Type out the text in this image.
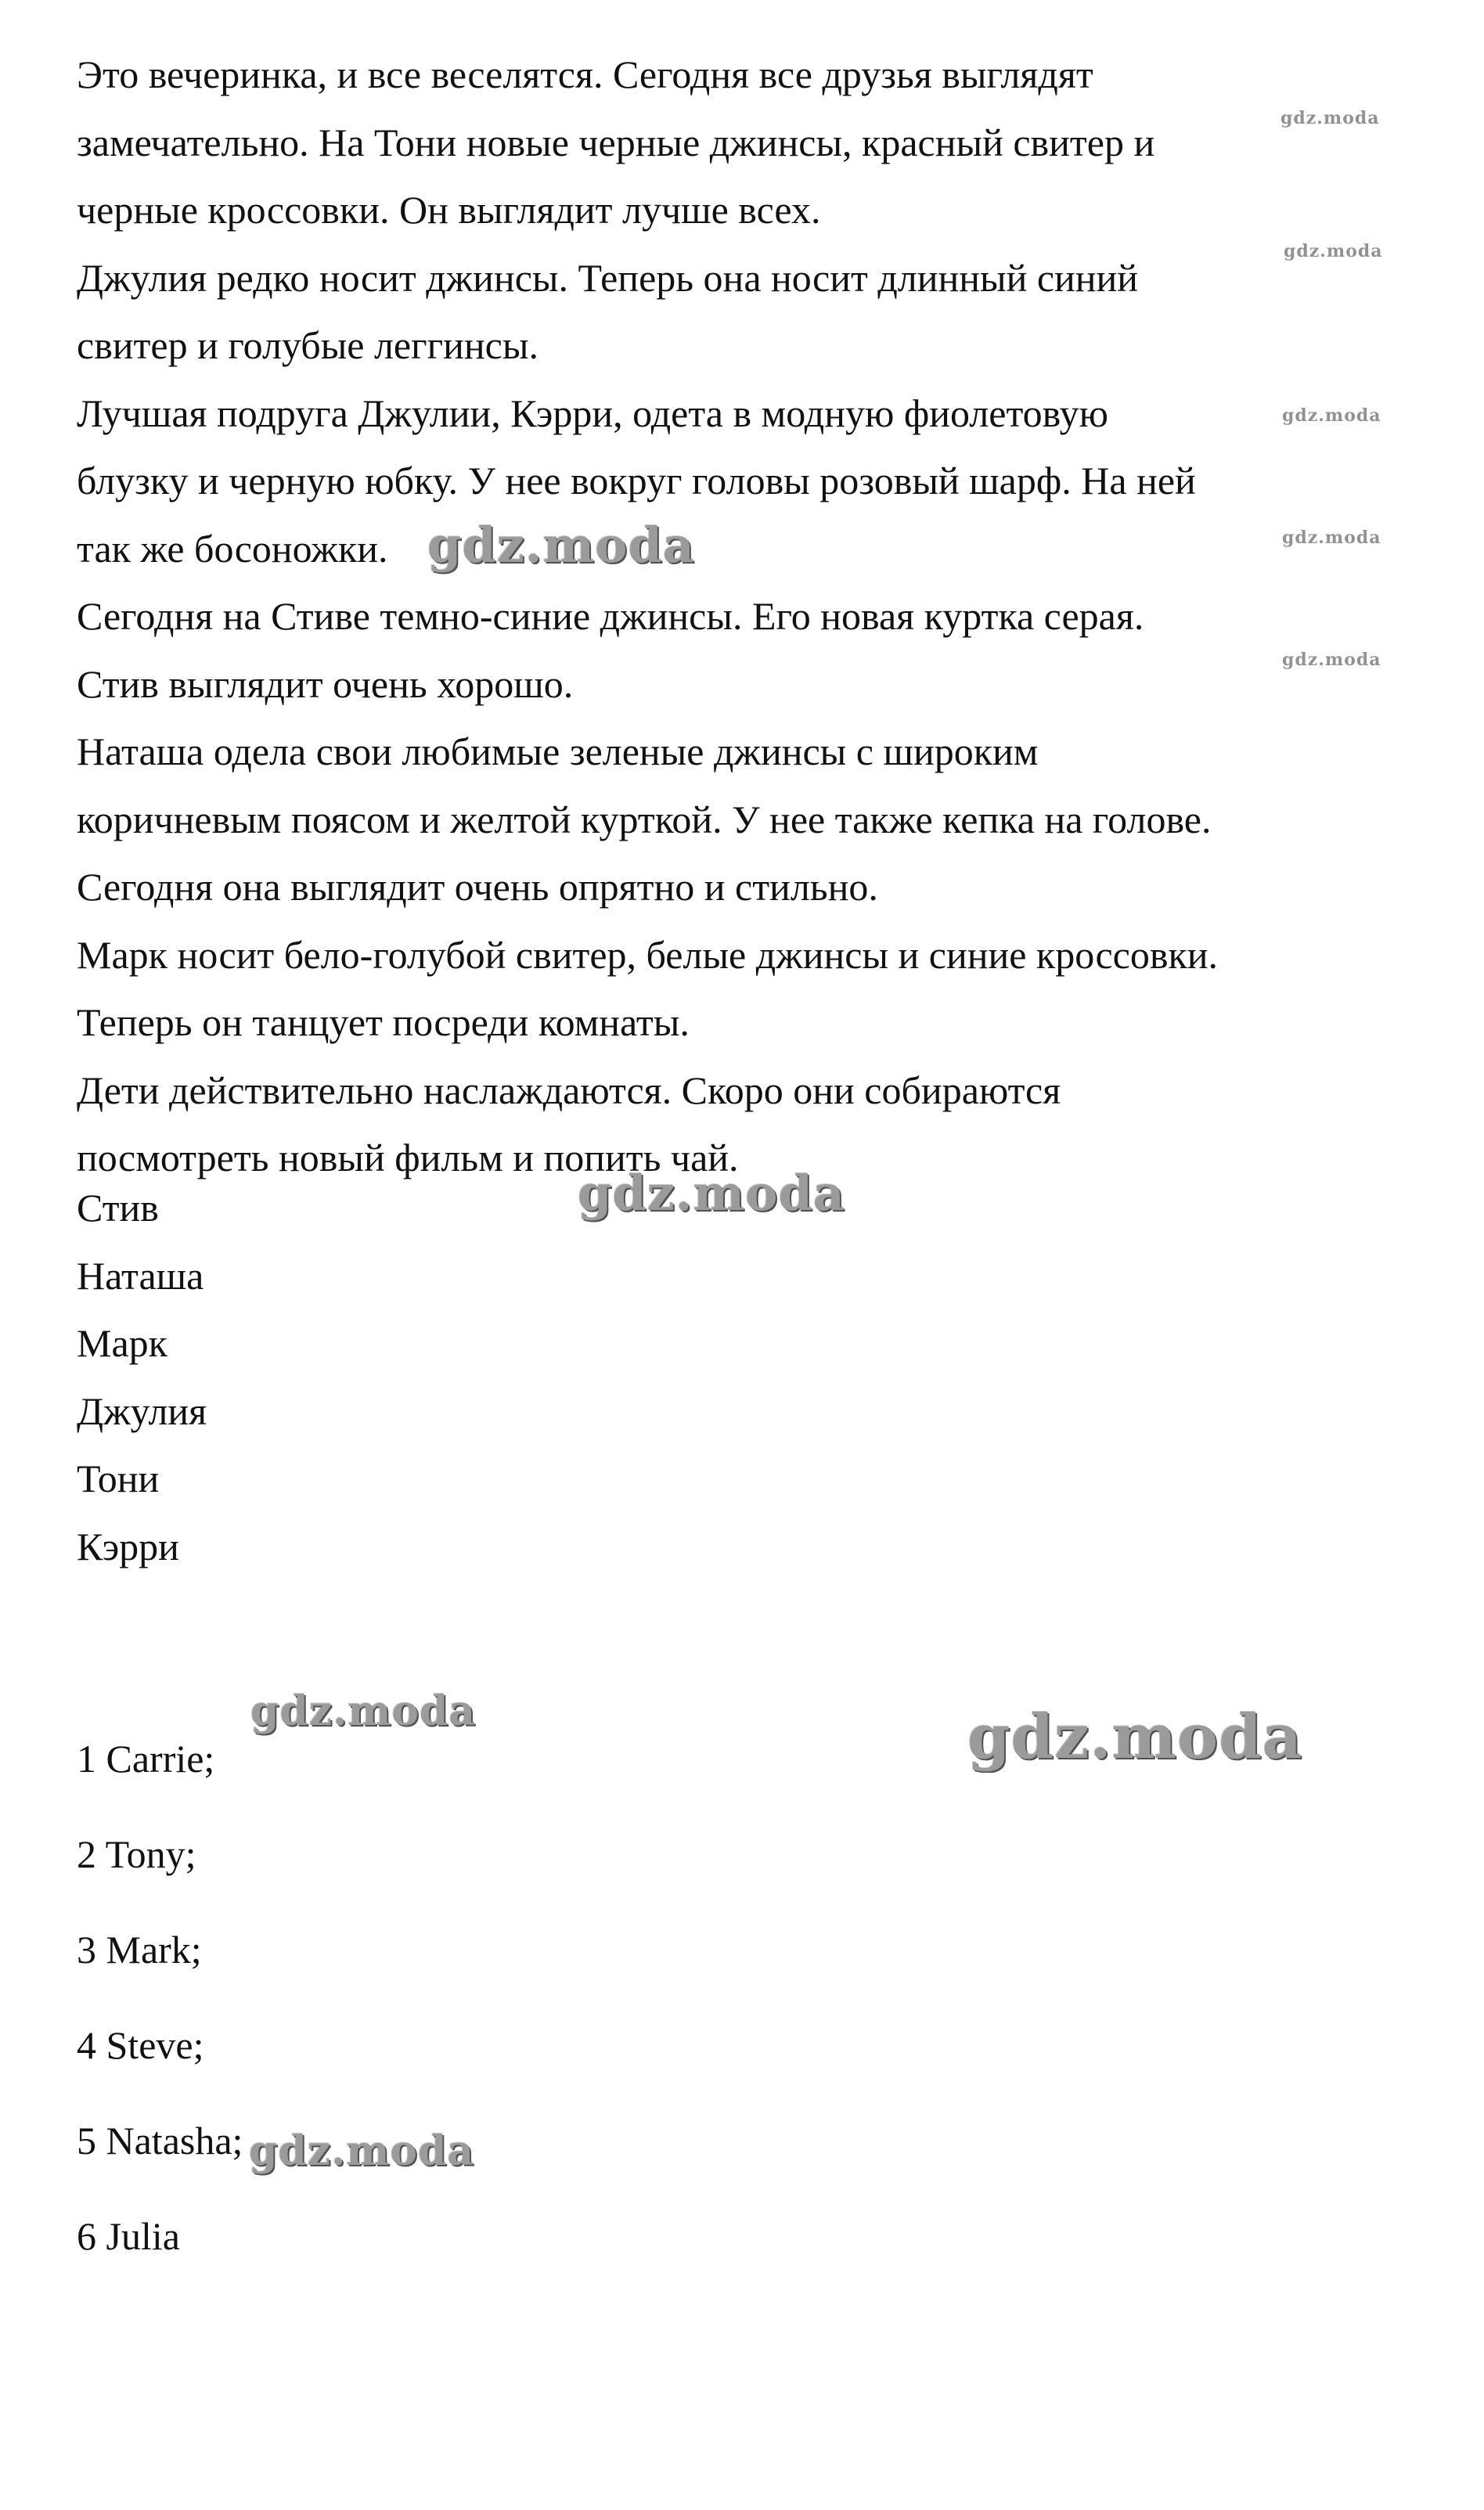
Это вечеринка, и все веселятся. Сегодня все друзья выглядят
замечательно. На Тони новые черные джинсы, красный свитер и
черные кроссовки. Он выглядит лучше всех.
Джулия редко носит джинсы. Теперь она носит длинный синий
свитер и голубые леггинсы.
Лучшая подруга Джулии, Кэрри, одета в модную фиолетовую
блузку и черную юбку. У нее вокруг головы розовый шарф. На ней
так же босоножки.
Сегодня на Стиве темно-синие джинсы. Его новая куртка серая.
Стив выглядит очень хорошо.
Наташа одела свои любимые зеленые джинсы с широким
коричневым поясом и желтой курткой. У нее также кепка на голове.
Сегодня она выглядит очень опрятно и стильно.
Марк носит бело-голубой свитер, белые джинсы и синие кроссовки.
Теперь он танцует посреди комнаты.
Дети действительно наслаждаются. Скоро они собираются
посмотреть новый фильм и попить чай.
Стив
Наташа
Марк
Джулия
Тони
Кэрри
1 Carrie;
2 Tony;
3 Mark;
4 Steve;
5 Natasha;
6 Julia
gdz.moda
gdz.moda
gdz.moda
gdz.moda
gdz.moda
gdz.moda
gdz.moda
gdz.moda	gdz.moda
gdz.moda
